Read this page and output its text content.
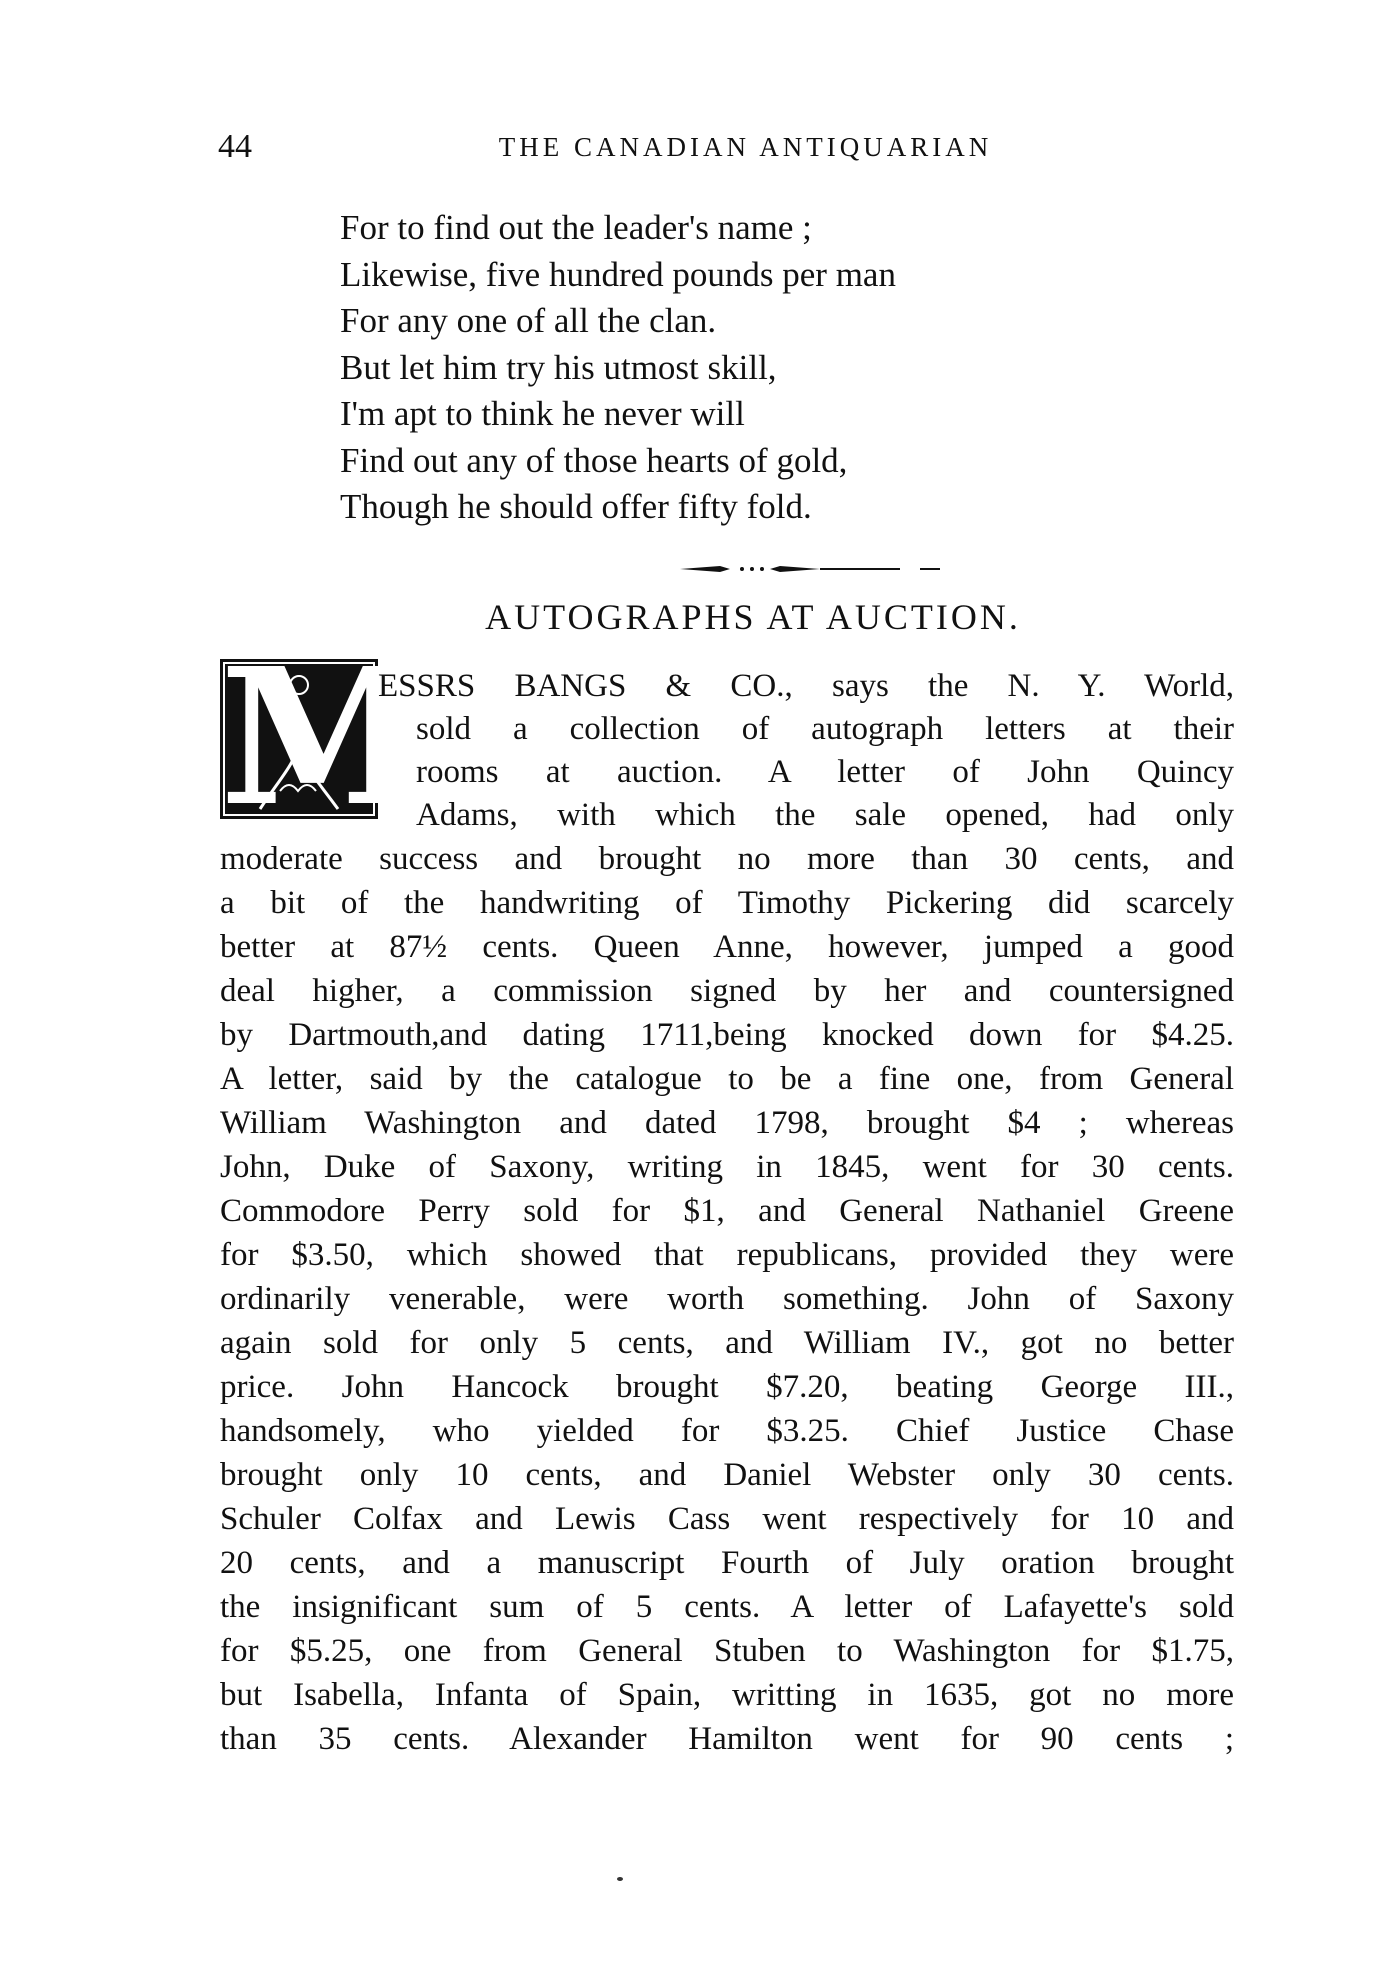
44	THE CANADIAN ANTIQUARIAN
For to find out the leader's name ;
Likewise, five hundred pounds per man
For any one of all the clan.
But let him try his utmost skill,
I'm apt to think he never will
Find out any of those hearts of gold,
Though he should offer fifty fold.
AUTOGRAPHS AT AUCTION.
M
ESSRS BANGS & CO., says the N. Y. World,
sold a collection of autograph letters at their
rooms at auction. A letter of John Quincy
Adams, with which the sale opened, had only
moderate success and brought no more than 30 cents, and
a bit of the handwriting of Timothy Pickering did scarcely
better at 87½ cents. Queen Anne, however, jumped a good
deal higher, a commission signed by her and countersigned
by Dartmouth,and dating 1711,being knocked down for $4.25.
A letter, said by the catalogue to be a fine one, from General
William Washington and dated 1798, brought $4 ; whereas
John, Duke of Saxony, writing in 1845, went for 30 cents.
Commodore Perry sold for $1, and General Nathaniel Greene
for $3.50, which showed that republicans, provided they were
ordinarily venerable, were worth something. John of Saxony
again sold for only 5 cents, and William IV., got no better
price. John Hancock brought $7.20, beating George III.,
handsomely, who yielded for $3.25. Chief Justice Chase
brought only 10 cents, and Daniel Webster only 30 cents.
Schuler Colfax and Lewis Cass went respectively for 10 and
20 cents, and a manuscript Fourth of July oration brought
the insignificant sum of 5 cents. A letter of Lafayette's sold
for $5.25, one from General Stuben to Washington for $1.75,
but Isabella, Infanta of Spain, writting in 1635, got no more
than 35 cents. Alexander Hamilton went for 90 cents ;
